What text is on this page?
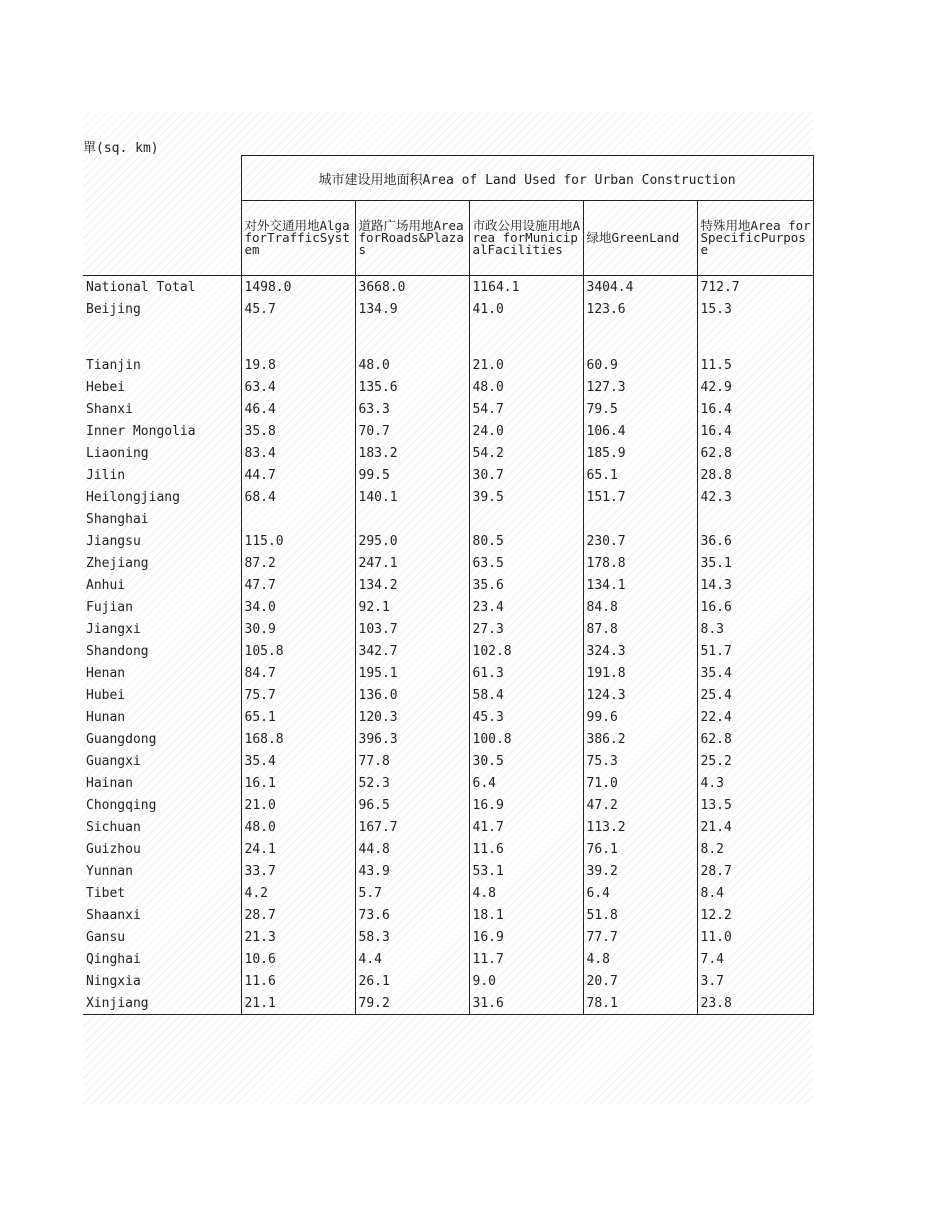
單(sq. km)
	城市建设用地面积Area of Land Used for Urban Construction				
	对外交通用地Alga forTrafficSystem	道路广场用地Area forRoads&Plazas	市政公用设施用地Area forMunicipalFacilities	绿地GreenLand	特殊用地Area forSpecificPurpose
National Total	1498.0	3668.0	1164.1	3404.4	712.7
Beijing	45.7	134.9	41.0	123.6	15.3

Tianjin	19.8	48.0	21.0	60.9	11.5
Hebei	63.4	135.6	48.0	127.3	42.9
Shanxi	46.4	63.3	54.7	79.5	16.4
Inner Mongolia	35.8	70.7	24.0	106.4	16.4
Liaoning	83.4	183.2	54.2	185.9	62.8
Jilin	44.7	99.5	30.7	65.1	28.8
Heilongjiang	68.4	140.1	39.5	151.7	42.3
Shanghai					
Jiangsu	115.0	295.0	80.5	230.7	36.6
Zhejiang	87.2	247.1	63.5	178.8	35.1
Anhui	47.7	134.2	35.6	134.1	14.3
Fujian	34.0	92.1	23.4	84.8	16.6
Jiangxi	30.9	103.7	27.3	87.8	8.3
Shandong	105.8	342.7	102.8	324.3	51.7
Henan	84.7	195.1	61.3	191.8	35.4
Hubei	75.7	136.0	58.4	124.3	25.4
Hunan	65.1	120.3	45.3	99.6	22.4
Guangdong	168.8	396.3	100.8	386.2	62.8
Guangxi	35.4	77.8	30.5	75.3	25.2
Hainan	16.1	52.3	6.4	71.0	4.3
Chongqing	21.0	96.5	16.9	47.2	13.5
Sichuan	48.0	167.7	41.7	113.2	21.4
Guizhou	24.1	44.8	11.6	76.1	8.2
Yunnan	33.7	43.9	53.1	39.2	28.7
Tibet	4.2	5.7	4.8	6.4	8.4
Shaanxi	28.7	73.6	18.1	51.8	12.2
Gansu	21.3	58.3	16.9	77.7	11.0
Qinghai	10.6	4.4	11.7	4.8	7.4
Ningxia	11.6	26.1	9.0	20.7	3.7
Xinjiang	21.1	79.2	31.6	78.1	23.8
